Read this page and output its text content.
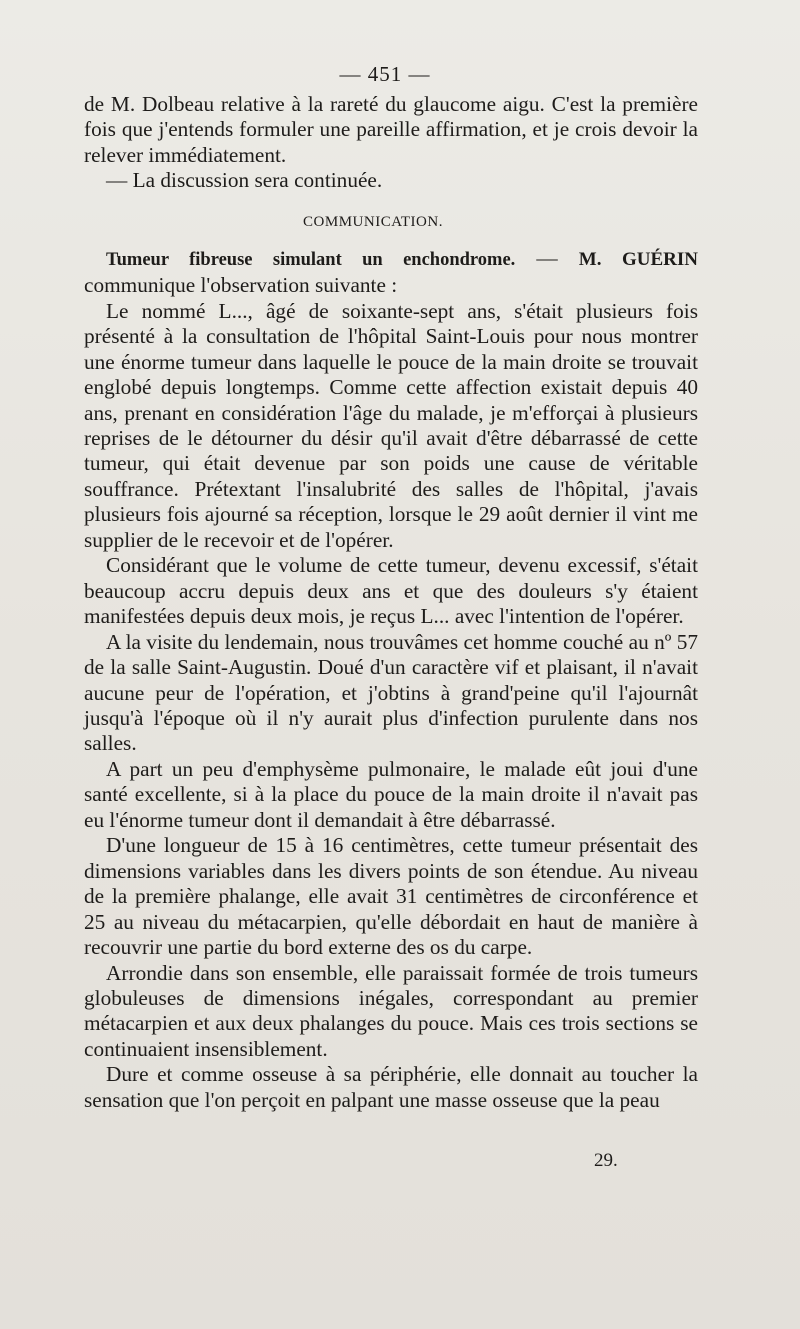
— 451 —

de M. Dolbeau relative à la rareté du glaucome aigu. C'est la première fois que j'entends formuler une pareille affirmation, et je crois devoir la relever immédiatement.

— La discussion sera continuée.

COMMUNICATION.

Tumeur fibreuse simulant un enchondrome. — M. GUÉRIN communique l'observation suivante :

Le nommé L..., âgé de soixante-sept ans, s'était plusieurs fois présenté à la consultation de l'hôpital Saint-Louis pour nous montrer une énorme tumeur dans laquelle le pouce de la main droite se trouvait englobé depuis longtemps. Comme cette affection existait depuis 40 ans, prenant en considération l'âge du malade, je m'efforçai à plusieurs reprises de le détourner du désir qu'il avait d'être débarrassé de cette tumeur, qui était devenue par son poids une cause de véritable souffrance. Prétextant l'insalubrité des salles de l'hôpital, j'avais plusieurs fois ajourné sa réception, lorsque le 29 août dernier il vint me supplier de le recevoir et de l'opérer.

Considérant que le volume de cette tumeur, devenu excessif, s'était beaucoup accru depuis deux ans et que des douleurs s'y étaient manifestées depuis deux mois, je reçus L... avec l'intention de l'opérer.

A la visite du lendemain, nous trouvâmes cet homme couché au nº 57 de la salle Saint-Augustin. Doué d'un caractère vif et plaisant, il n'avait aucune peur de l'opération, et j'obtins à grand'peine qu'il l'ajournât jusqu'à l'époque où il n'y aurait plus d'infection purulente dans nos salles.

A part un peu d'emphysème pulmonaire, le malade eût joui d'une santé excellente, si à la place du pouce de la main droite il n'avait pas eu l'énorme tumeur dont il demandait à être débarrassé.

D'une longueur de 15 à 16 centimètres, cette tumeur présentait des dimensions variables dans les divers points de son étendue. Au niveau de la première phalange, elle avait 31 centimètres de circonférence et 25 au niveau du métacarpien, qu'elle débordait en haut de manière à recouvrir une partie du bord externe des os du carpe.

Arrondie dans son ensemble, elle paraissait formée de trois tumeurs globuleuses de dimensions inégales, correspondant au premier métacarpien et aux deux phalanges du pouce. Mais ces trois sections se continuaient insensiblement.

Dure et comme osseuse à sa périphérie, elle donnait au toucher la sensation que l'on perçoit en palpant une masse osseuse que la peau

29.
